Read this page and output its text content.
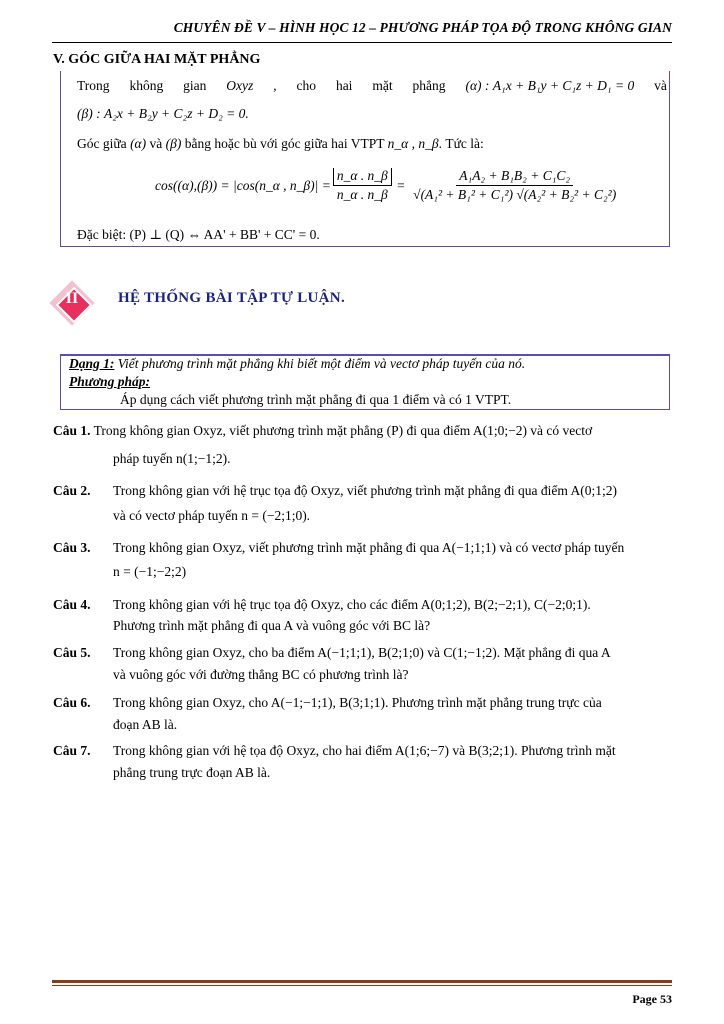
CHUYÊN ĐỀ V – HÌNH HỌC 12 – PHƯƠNG PHÁP TỌA ĐỘ TRONG KHÔNG GIAN
V. GÓC GIỮA HAI MẶT PHẲNG
Trong không gian Oxyz , cho hai mặt phẳng (α) : A₁x + B₁y + C₁z + D₁ = 0 và
(β) : A₂x + B₂y + C₂z + D₂ = 0.
Góc giữa (α) và (β) bằng hoặc bù với góc giữa hai VTPT n_α , n_β. Tức là:
cos((α),(β)) = |cos(n_α , n_β)| = $\frac{n\_\alpha . n\_\beta}{n\_\alpha . n\_\beta} = \frac{\text{A₁A₂ + B₁B₂ + C₁C₂}}{\text{√(A₁² + B₁² + C₁²) √(A₂² + B₂² + C₂²)}}$
Đặc biệt: (P) ⊥ (Q) ⇔ AA' + BB' + CC' = 0.
II	HỆ THỐNG BÀI TẬP TỰ LUẬN.
Dạng 1: Viết phương trình mặt phẳng khi biết một điểm và vectơ pháp tuyến của nó.
Phương pháp:
Áp dụng cách viết phương trình mặt phẳng đi qua 1 điểm và có 1 VTPT.
Câu 1. Trong không gian Oxyz, viết phương trình mặt phẳng (P) đi qua điểm A(1;0;−2) và có vectơ
pháp tuyến n(1;−1;2).
Câu 2. Trong không gian với hệ trục tọa độ Oxyz, viết phương trình mặt phẳng đi qua điểm A(0;1;2)
và có vectơ pháp tuyến n = (−2;1;0).
Câu 3. Trong không gian Oxyz, viết phương trình mặt phẳng đi qua A(−1;1;1) và có vectơ pháp tuyến
n = (−1;−2;2)
Câu 4. Trong không gian với hệ trục tọa độ Oxyz, cho các điểm A(0;1;2), B(2;−2;1), C(−2;0;1).
Phương trình mặt phẳng đi qua A và vuông góc với BC là?
Câu 5. Trong không gian Oxyz, cho ba điểm A(−1;1;1), B(2;1;0) và C(1;−1;2). Mặt phẳng đi qua A
và vuông góc với đường thẳng BC có phương trình là?
Câu 6. Trong không gian Oxyz, cho A(−1;−1;1), B(3;1;1). Phương trình mặt phẳng trung trực của
đoạn AB là.
Câu 7. Trong không gian với hệ tọa độ Oxyz, cho hai điểm A(1;6;−7) và B(3;2;1). Phương trình mặt
phẳng trung trực đoạn AB là.
Page 53
